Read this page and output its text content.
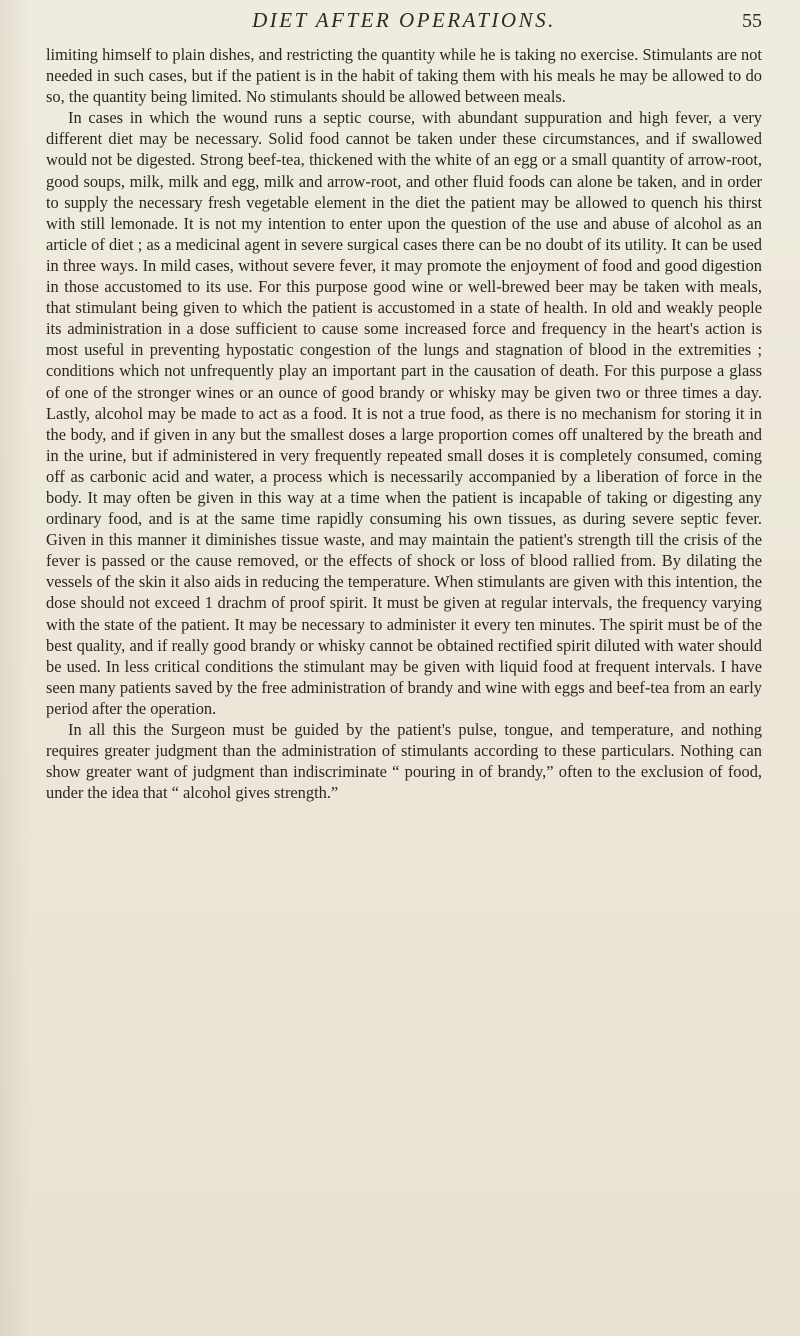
DIET AFTER OPERATIONS.	55

limiting himself to plain dishes, and restricting the quantity while he is taking no exercise. Stimulants are not needed in such cases, but if the patient is in the habit of taking them with his meals he may be allowed to do so, the quantity being limited. No stimulants should be allowed between meals.

In cases in which the wound runs a septic course, with abundant suppuration and high fever, a very different diet may be necessary. Solid food cannot be taken under these circumstances, and if swallowed would not be digested. Strong beef-tea, thickened with the white of an egg or a small quantity of arrow-root, good soups, milk, milk and egg, milk and arrow-root, and other fluid foods can alone be taken, and in order to supply the necessary fresh vegetable element in the diet the patient may be allowed to quench his thirst with still lemonade. It is not my intention to enter upon the question of the use and abuse of alcohol as an article of diet ; as a medicinal agent in severe surgical cases there can be no doubt of its utility. It can be used in three ways. In mild cases, without severe fever, it may promote the enjoyment of food and good digestion in those accustomed to its use. For this purpose good wine or well-brewed beer may be taken with meals, that stimulant being given to which the patient is accustomed in a state of health. In old and weakly people its administration in a dose sufficient to cause some increased force and frequency in the heart's action is most useful in preventing hypostatic congestion of the lungs and stagnation of blood in the extremities ; conditions which not unfrequently play an important part in the causation of death. For this purpose a glass of one of the stronger wines or an ounce of good brandy or whisky may be given two or three times a day. Lastly, alcohol may be made to act as a food. It is not a true food, as there is no mechanism for storing it in the body, and if given in any but the smallest doses a large proportion comes off unaltered by the breath and in the urine, but if administered in very frequently repeated small doses it is completely consumed, coming off as carbonic acid and water, a process which is necessarily accompanied by a liberation of force in the body. It may often be given in this way at a time when the patient is incapable of taking or digesting any ordinary food, and is at the same time rapidly consuming his own tissues, as during severe septic fever. Given in this manner it diminishes tissue waste, and may maintain the patient's strength till the crisis of the fever is passed or the cause removed, or the effects of shock or loss of blood rallied from. By dilating the vessels of the skin it also aids in reducing the temperature. When stimulants are given with this intention, the dose should not exceed 1 drachm of proof spirit. It must be given at regular intervals, the frequency varying with the state of the patient. It may be necessary to administer it every ten minutes. The spirit must be of the best quality, and if really good brandy or whisky cannot be obtained rectified spirit diluted with water should be used. In less critical conditions the stimulant may be given with liquid food at frequent intervals. I have seen many patients saved by the free administration of brandy and wine with eggs and beef-tea from an early period after the operation.

In all this the Surgeon must be guided by the patient's pulse, tongue, and temperature, and nothing requires greater judgment than the administration of stimulants according to these particulars. Nothing can show greater want of judgment than indiscriminate “ pouring in of brandy,” often to the exclusion of food, under the idea that “ alcohol gives strength.”
